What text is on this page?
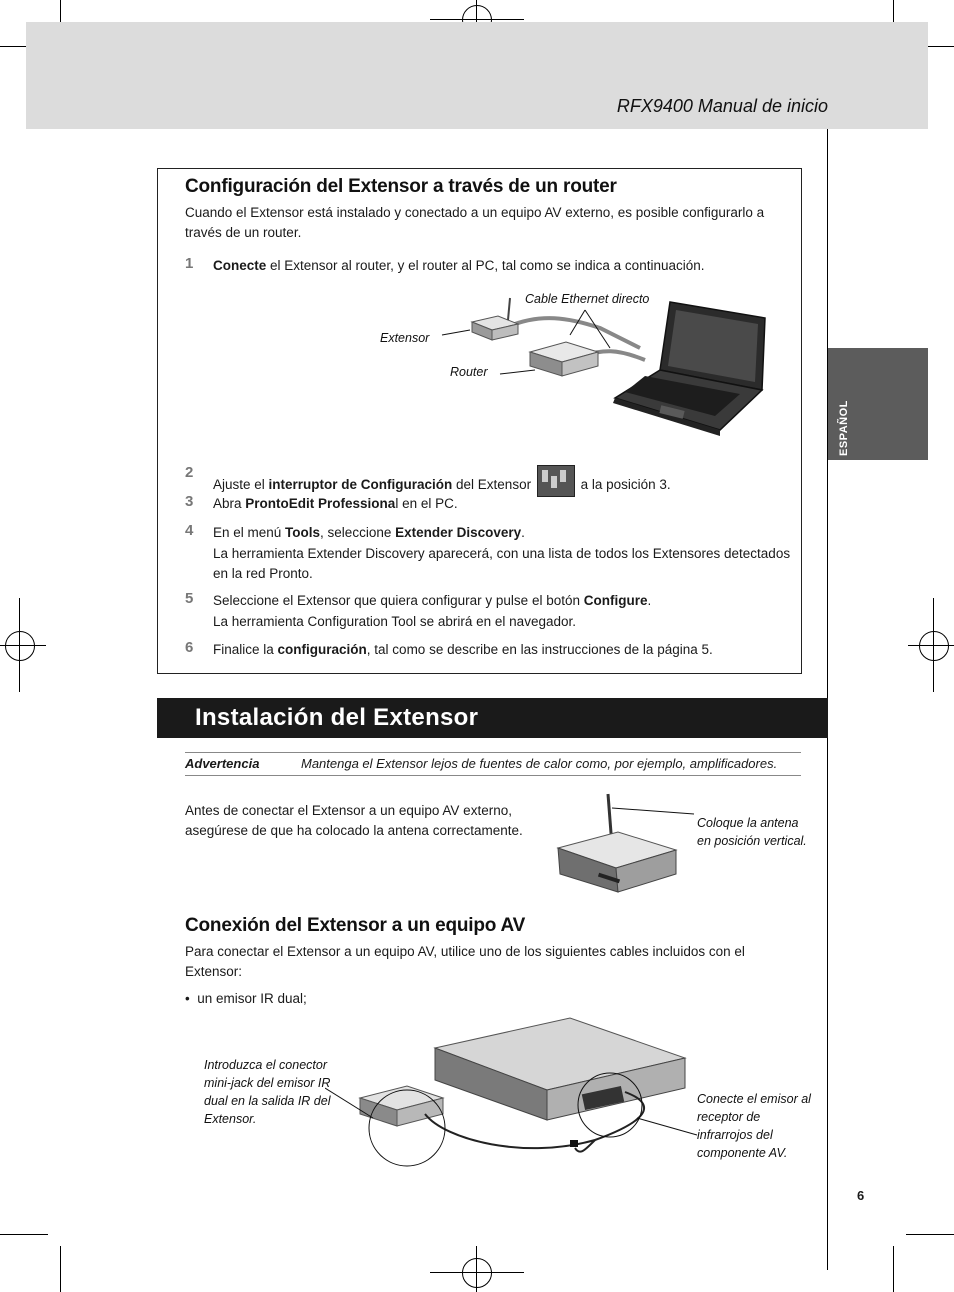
RFX9400 Manual de inicio
ESPAÑOL
Configuración del Extensor a través de un router
Cuando el Extensor está instalado y conectado a un equipo AV externo, es posible configurarlo a través de un router.
1 Conecte el Extensor al router, y el router al PC, tal como se indica a continuación.
Cable Ethernet directo
Extensor
Router
2
Ajuste el interruptor de Configuración del Extensor	a la posición 3.
3 Abra ProntoEdit Professional en el PC.
4 En el menú Tools, seleccione Extender Discovery.
La herramienta Extender Discovery aparecerá, con una lista de todos los Extensores detectados en la red Pronto.
5 Seleccione el Extensor que quiera configurar y pulse el botón Configure.
La herramienta Configuration Tool se abrirá en el navegador.
6 Finalice la configuración, tal como se describe en las instrucciones de la página 5.
Instalación del Extensor
Advertencia	Mantenga el Extensor lejos de fuentes de calor como, por ejemplo, amplificadores.
Antes de conectar el Extensor a un equipo AV externo, asegúrese de que ha colocado la antena correctamente.	Coloque la antena en posición vertical.
Conexión del Extensor a un equipo AV
Para conectar el Extensor a un equipo AV, utilice uno de los siguientes cables incluidos con el Extensor:
•  un emisor IR dual;
Introduzca el conector mini-jack del emisor IR dual en la salida IR del Extensor.
Conecte el emisor al receptor de infrarrojos del componente AV.
6
